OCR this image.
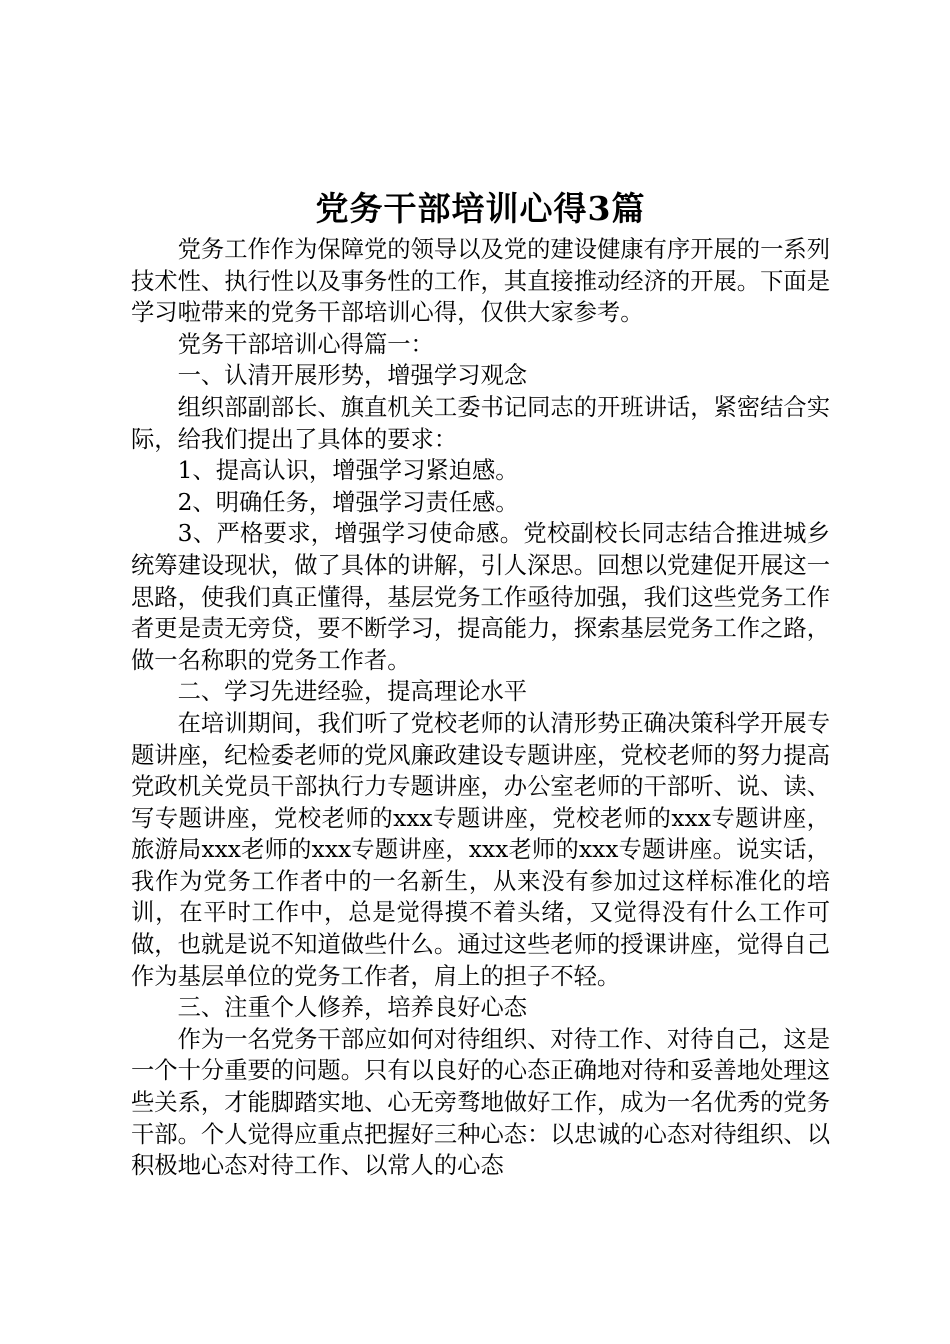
党务干部培训心得3篇

党务工作作为保障党的领导以及党的建设健康有序开展的一系列技术性、执行性以及事务性的工作，其直接推动经济的开展。下面是学习啦带来的党务干部培训心得，仅供大家参考。

党务干部培训心得篇一：

一、认清开展形势，增强学习观念

组织部副部长、旗直机关工委书记同志的开班讲话，紧密结合实际，给我们提出了具体的要求：

1、提高认识，增强学习紧迫感。

2、明确任务，增强学习责任感。

3、严格要求，增强学习使命感。党校副校长同志结合推进城乡统筹建设现状，做了具体的讲解，引人深思。回想以党建促开展这一思路，使我们真正懂得，基层党务工作亟待加强，我们这些党务工作者更是责无旁贷，要不断学习，提高能力，探索基层党务工作之路，做一名称职的党务工作者。

二、学习先进经验，提高理论水平

在培训期间，我们听了党校老师的认清形势正确决策科学开展专题讲座，纪检委老师的党风廉政建设专题讲座，党校老师的努力提高党政机关党员干部执行力专题讲座，办公室老师的干部听、说、读、写专题讲座，党校老师的xxx专题讲座，党校老师的xxx专题讲座，旅游局xxx老师的xxx专题讲座，xxx老师的xxx专题讲座。说实话，我作为党务工作者中的一名新生，从来没有参加过这样标准化的培训，在平时工作中，总是觉得摸不着头绪，又觉得没有什么工作可做，也就是说不知道做些什么。通过这些老师的授课讲座，觉得自己作为基层单位的党务工作者，肩上的担子不轻。

三、注重个人修养，培养良好心态

作为一名党务干部应如何对待组织、对待工作、对待自己，这是一个十分重要的问题。只有以良好的心态正确地对待和妥善地处理这些关系，才能脚踏实地、心无旁骛地做好工作，成为一名优秀的党务干部。个人觉得应重点把握好三种心态：以忠诚的心态对待组织、以积极地心态对待工作、以常人的心态
